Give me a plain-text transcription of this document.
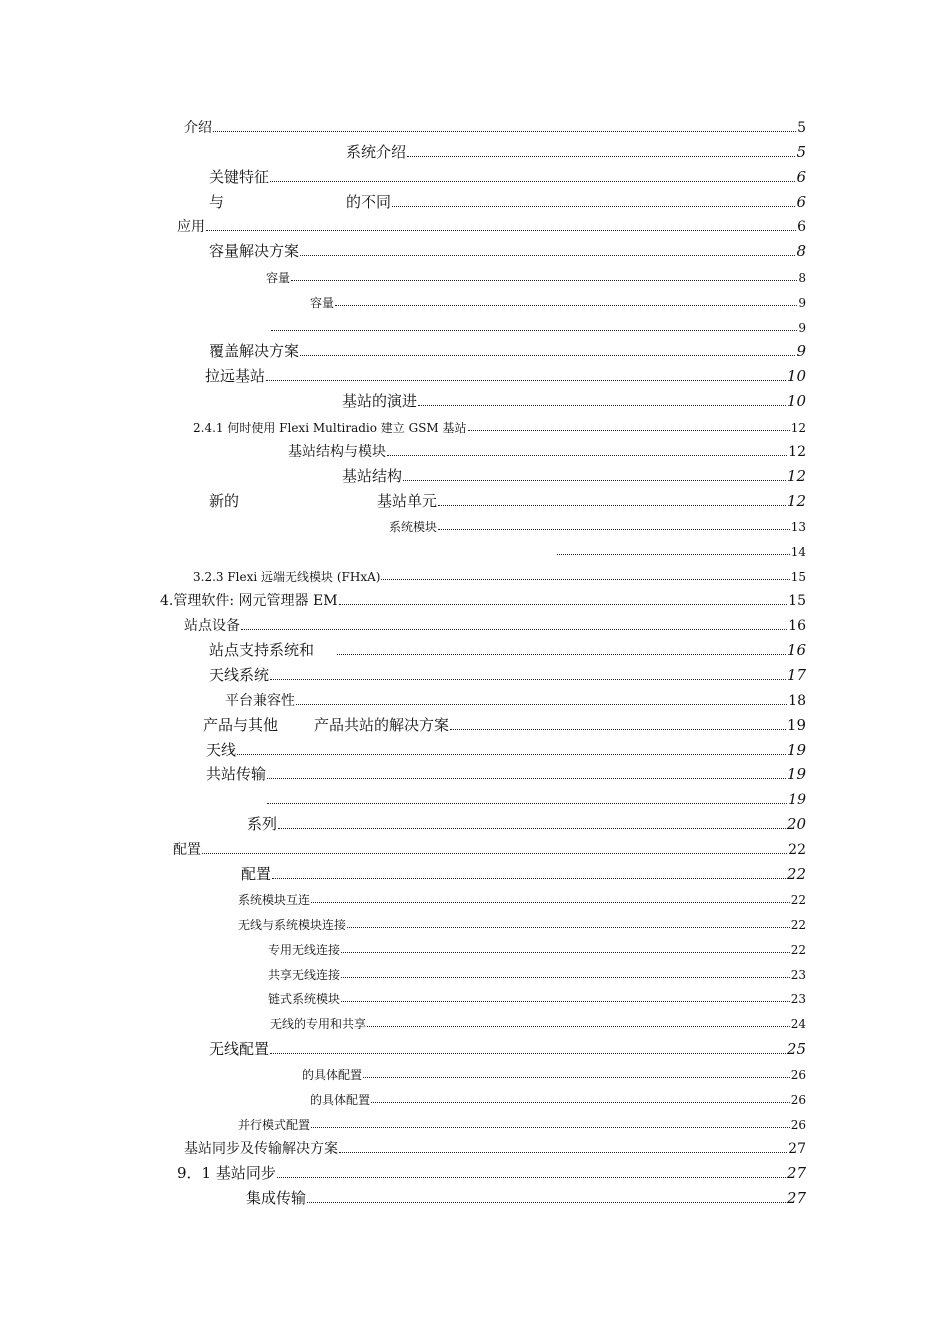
介绍	5
系统介绍	5
关键特征	6
与	的不同	6
应用	6
容量解决方案	8
容量	8
容量	9
9
覆盖解决方案	9
拉远基站	10
基站的演进	10
2.4.1 何时使用 Flexi Multiradio 建立 GSM 基站	12
基站结构与模块	12
基站结构	12
新的	基站单元	12
系统模块	13
14
3.2.3 Flexi 远端无线模块 (FHxA)	15
4.管理软件: 网元管理器 EM	15
站点设备	16
站点支持系统和	16
天线系统	17
平台兼容性	18
产品与其他 产品共站的解决方案	19
天线	19
共站传输	19
19
系列	20
配置	22
配置	22
系统模块互连	22
无线与系统模块连接	22
专用无线连接	22
共享无线连接	23
链式系统模块	23
无线的专用和共享	24
无线配置	25
的具体配置	26
的具体配置	26
并行模式配置	26
基站同步及传输解决方案	27
9．1 基站同步	27
集成传输	27
